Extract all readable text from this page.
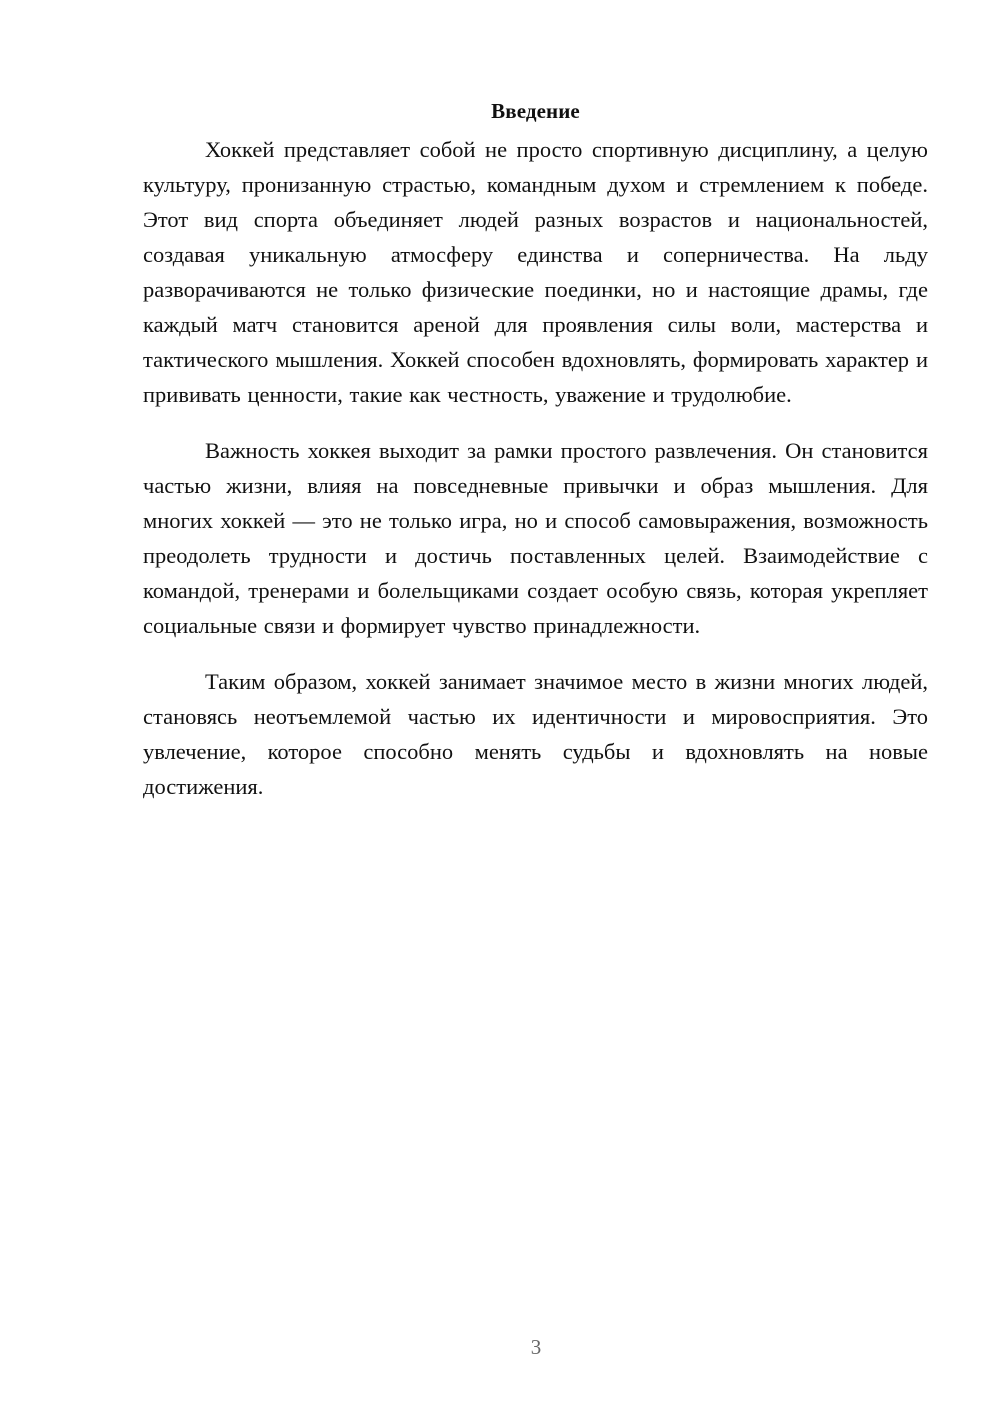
Введение

Хоккей представляет собой не просто спортивную дисциплину, а целую культуру, пронизанную страстью, командным духом и стремлением к победе. Этот вид спорта объединяет людей разных возрастов и национальностей, создавая уникальную атмосферу единства и соперничества. На льду разворачиваются не только физические поединки, но и настоящие драмы, где каждый матч становится ареной для проявления силы воли, мастерства и тактического мышления. Хоккей способен вдохновлять, формировать характер и прививать ценности, такие как честность, уважение и трудолюбие.

Важность хоккея выходит за рамки простого развлечения. Он становится частью жизни, влияя на повседневные привычки и образ мышления. Для многих хоккей — это не только игра, но и способ самовыражения, возможность преодолеть трудности и достичь поставленных целей. Взаимодействие с командой, тренерами и болельщиками создает особую связь, которая укрепляет социальные связи и формирует чувство принадлежности.

Таким образом, хоккей занимает значимое место в жизни многих людей, становясь неотъемлемой частью их идентичности и мировосприятия. Это увлечение, которое способно менять судьбы и вдохновлять на новые достижения.

3
